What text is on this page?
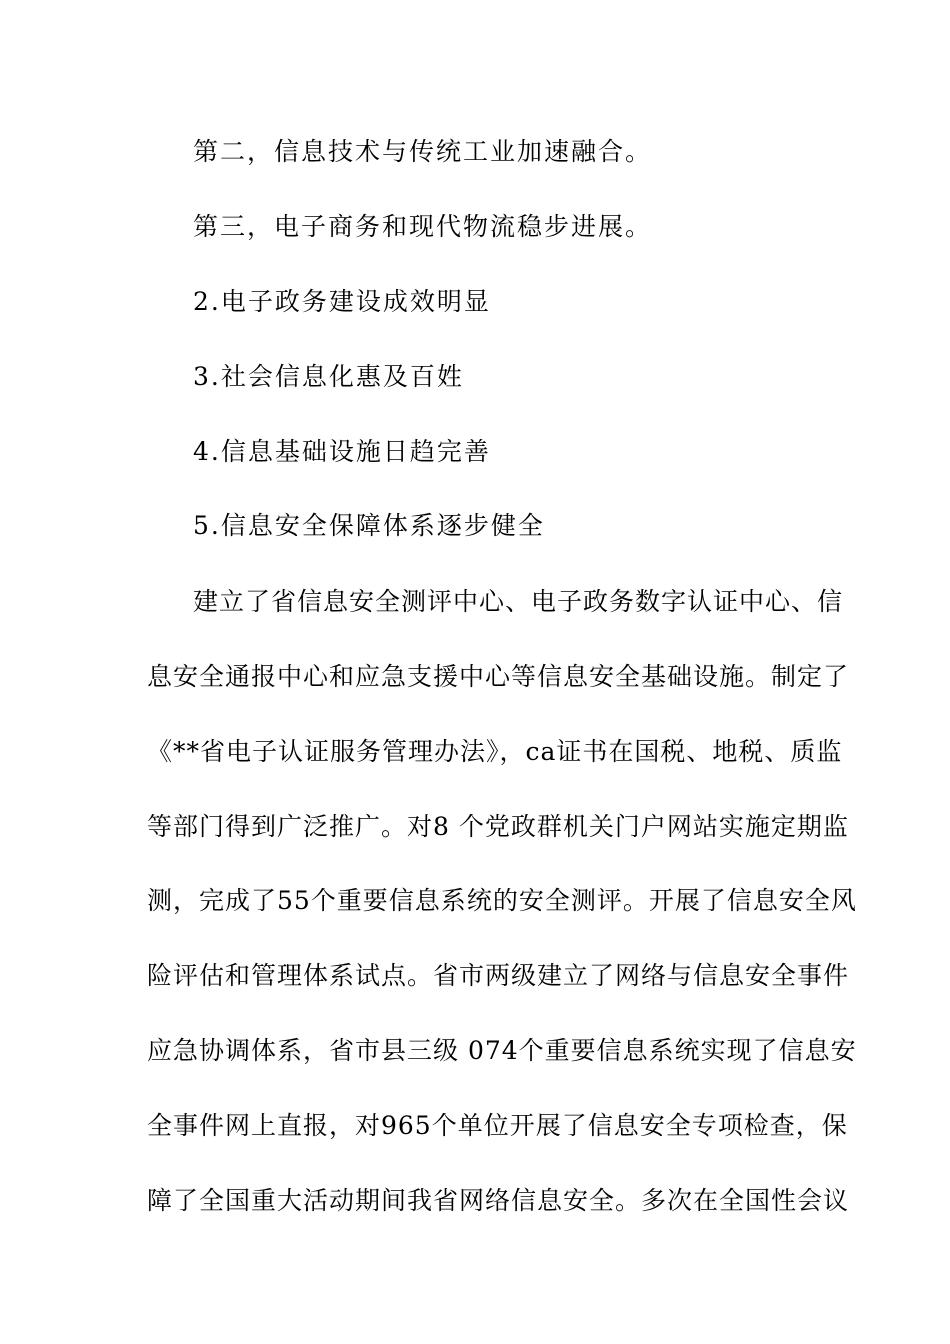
第二，信息技术与传统工业加速融合。
第三，电子商务和现代物流稳步进展。
2.电子政务建设成效明显
3.社会信息化惠及百姓
4.信息基础设施日趋完善
5.信息安全保障体系逐步健全
建立了省信息安全测评中心、电子政务数字认证中心、信
息安全通报中心和应急支援中心等信息安全基础设施。制定了
《**省电子认证服务管理办法》，ca证书在国税、地税、质监
等部门得到广泛推广。对8 个党政群机关门户网站实施定期监
测，完成了55个重要信息系统的安全测评。开展了信息安全风
险评估和管理体系试点。省市两级建立了网络与信息安全事件
应急协调体系，省市县三级 074个重要信息系统实现了信息安
全事件网上直报，对965个单位开展了信息安全专项检查，保
障了全国重大活动期间我省网络信息安全。多次在全国性会议
